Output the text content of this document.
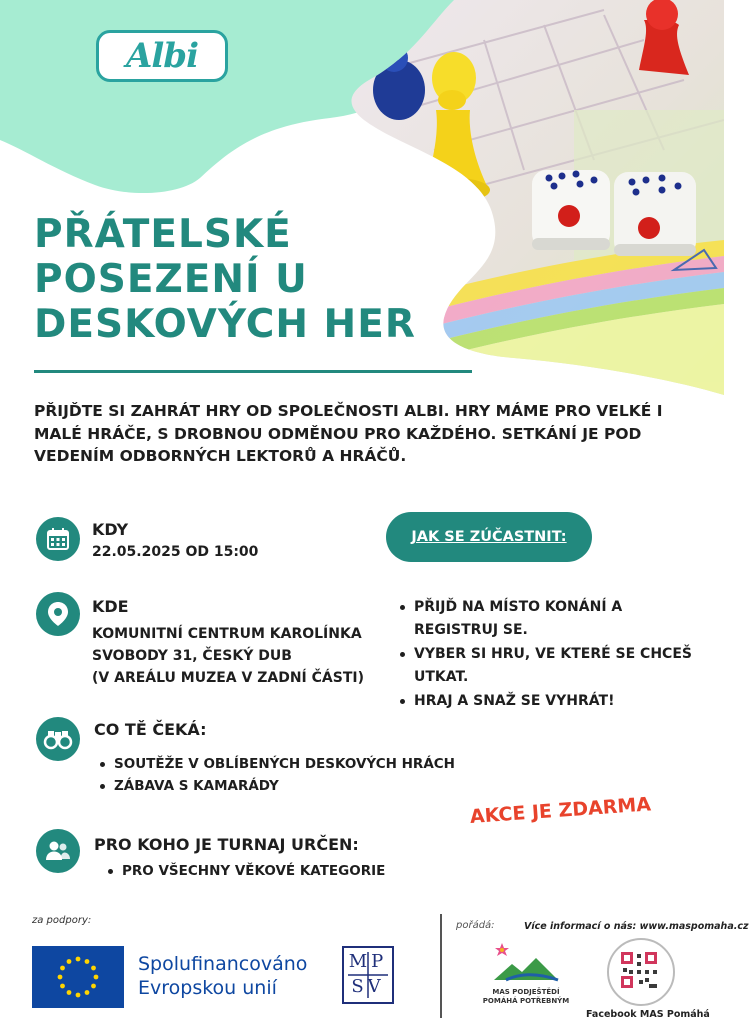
Albi
PŘÁTELSKÉ
POSEZENÍ U
DESKOVÝCH HER
PŘIJĎTE SI ZAHRÁT HRY OD SPOLEČNOSTI ALBI. HRY MÁME PRO VELKÉ I
MALÉ HRÁČE, S DROBNOU ODMĚNOU PRO KAŽDÉHO. SETKÁNÍ JE POD
VEDENÍM ODBORNÝCH LEKTORŮ A HRÁČŮ.
KDY
22.05.2025 OD 15:00
KDE
KOMUNITNÍ CENTRUM KAROLÍNKA
SVOBODY 31, ČESKÝ DUB
(V AREÁLU MUZEA V ZADNÍ ČÁSTI)
CO TĚ ČEKÁ:
SOUTĚŽE V OBLÍBENÝCH DESKOVÝCH HRÁCH
ZÁBAVA S KAMARÁDY
PRO KOHO JE TURNAJ URČEN:
PRO VŠECHNY VĚKOVÉ KATEGORIE
JAK SE ZÚČASTNIT:
PŘIJĎ NA MÍSTO KONÁNÍ A
REGISTRUJ SE.
VYBER SI HRU, VE KTERÉ SE CHCEŠ
UTKAT.
HRAJ A SNAŽ SE VYHRÁT!
AKCE JE ZDARMA
za podpory:
Spolufinancováno
Evropskou unií
MP
SV
pořádá:	Více informací o nás: www.maspomaha.cz
MAS PODJEŠTĚDÍ
POMÁHÁ POTŘEBNÝM
Facebook MAS Pomáhá
